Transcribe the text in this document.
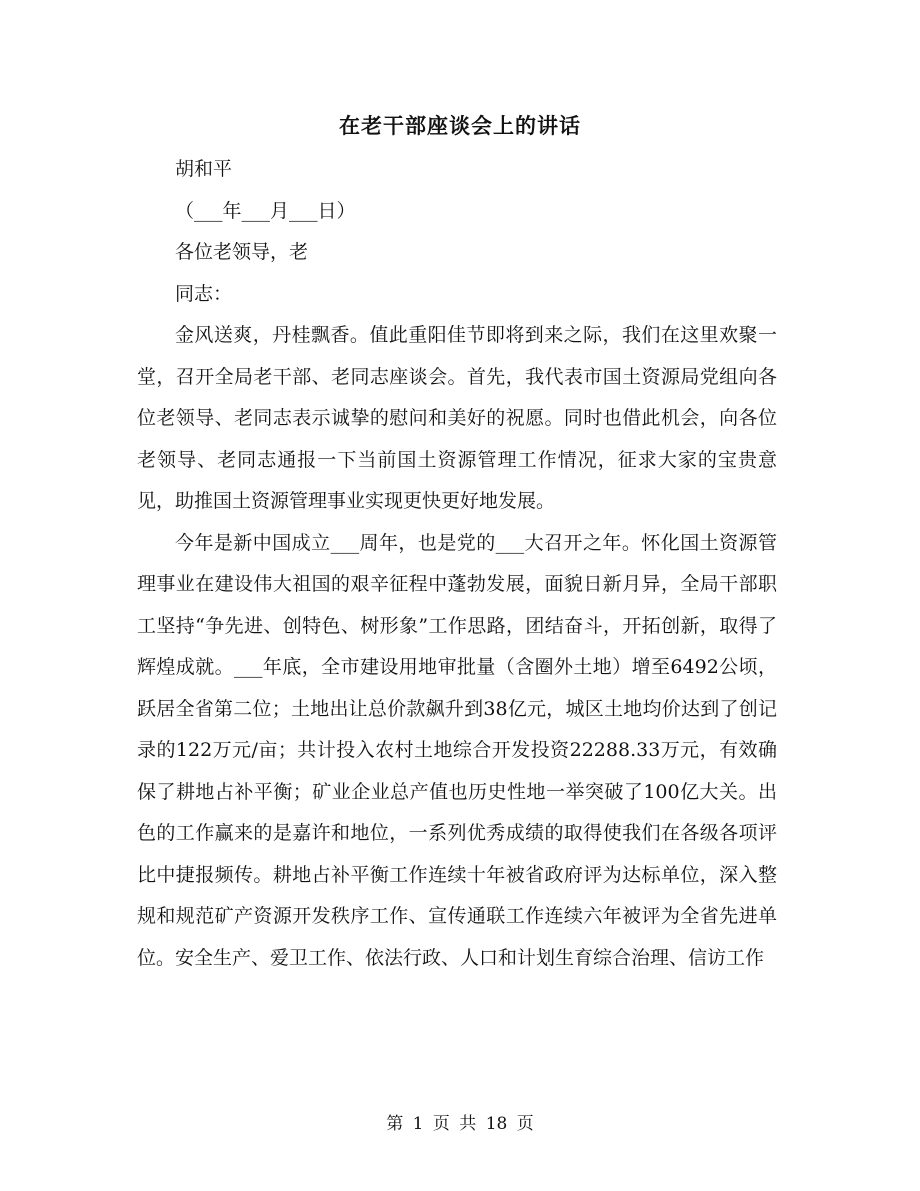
在老干部座谈会上的讲话

胡和平

（___年___月___日）

各位老领导，老

同志：

金风送爽，丹桂飘香。值此重阳佳节即将到来之际，我们在这里欢聚一堂，召开全局老干部、老同志座谈会。首先，我代表市国土资源局党组向各位老领导、老同志表示诚挚的慰问和美好的祝愿。同时也借此机会，向各位老领导、老同志通报一下当前国土资源管理工作情况，征求大家的宝贵意见，助推国土资源管理事业实现更快更好地发展。

今年是新中国成立___周年，也是党的___大召开之年。怀化国土资源管理事业在建设伟大祖国的艰辛征程中蓬勃发展，面貌日新月异，全局干部职工坚持“争先进、创特色、树形象”工作思路，团结奋斗，开拓创新，取得了辉煌成就。___年底，全市建设用地审批量（含圈外土地）增至6492公顷，跃居全省第二位；土地出让总价款飙升到38亿元，城区土地均价达到了创记录的122万元/亩；共计投入农村土地综合开发投资22288.33万元，有效确保了耕地占补平衡；矿业企业总产值也历史性地一举突破了100亿大关。出色的工作赢来的是嘉许和地位，一系列优秀成绩的取得使我们在各级各项评比中捷报频传。耕地占补平衡工作连续十年被省政府评为达标单位，深入整规和规范矿产资源开发秩序工作、宣传通联工作连续六年被评为全省先进单位。安全生产、爱卫工作、依法行政、人口和计划生育综合治理、信访工作

第 1 页 共 18 页
